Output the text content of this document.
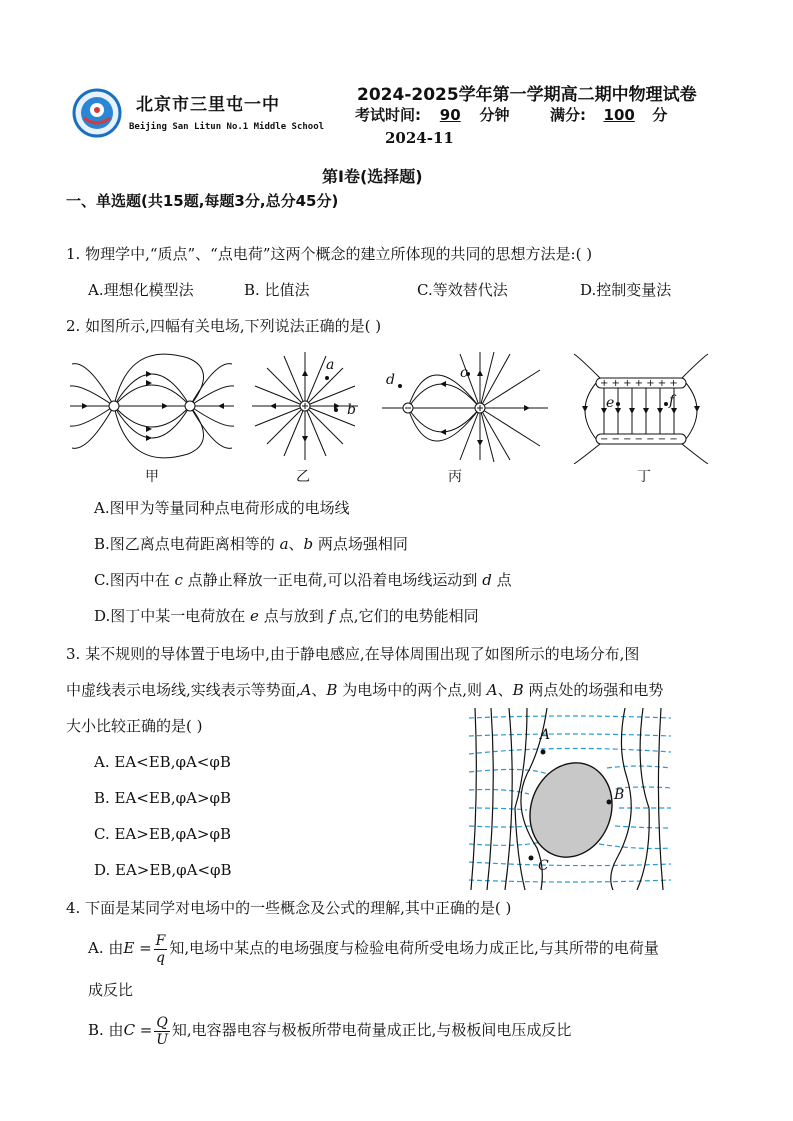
北京市三里屯一中
Beijing San Litun No.1 Middle School
2024-2025学年第一学期高二期中物理试卷
考试时间: 90 分钟	满分: 100 分
2024-11
第I卷(选择题)
一、单选题(共15题,每题3分,总分45分)
1. 物理学中,“质点”、“点电荷”这两个概念的建立所体现的共同的思想方法是:( )
A.理想化模型法	B. 比值法	C.等效替代法	D.控制变量法
2. 如图所示,四幅有关电场,下列说法正确的是( )
甲
a
b
乙
d	c
丙
+ + + + + + +
− − − − − − −
e	f
丁
A.图甲为等量同种点电荷形成的电场线
B.图乙离点电荷距离相等的 a、b 两点场强相同
C.图丙中在 c 点静止释放一正电荷,可以沿着电场线运动到 d 点
D.图丁中某一电荷放在 e 点与放到 f 点,它们的电势能相同
3. 某不规则的导体置于电场中,由于静电感应,在导体周围出现了如图所示的电场分布,图
中虚线表示电场线,实线表示等势面,A、B 为电场中的两个点,则 A、B 两点处的场强和电势
大小比较正确的是( )
A. EA<EB,φA<φB
B. EA<EB,φA>φB
C. EA>EB,φA>φB
D. EA>EB,φA<φB
A
B
C
4. 下面是某同学对电场中的一些概念及公式的理解,其中正确的是( )
A. 由$E = \frac{F}{q}$ 知,电场中某点的电场强度与检验电荷所受电场力成正比,与其所带的电荷量
成反比
B. 由$C = \frac{Q}{U}$ 知,电容器电容与极板所带电荷量成正比,与极板间电压成反比
